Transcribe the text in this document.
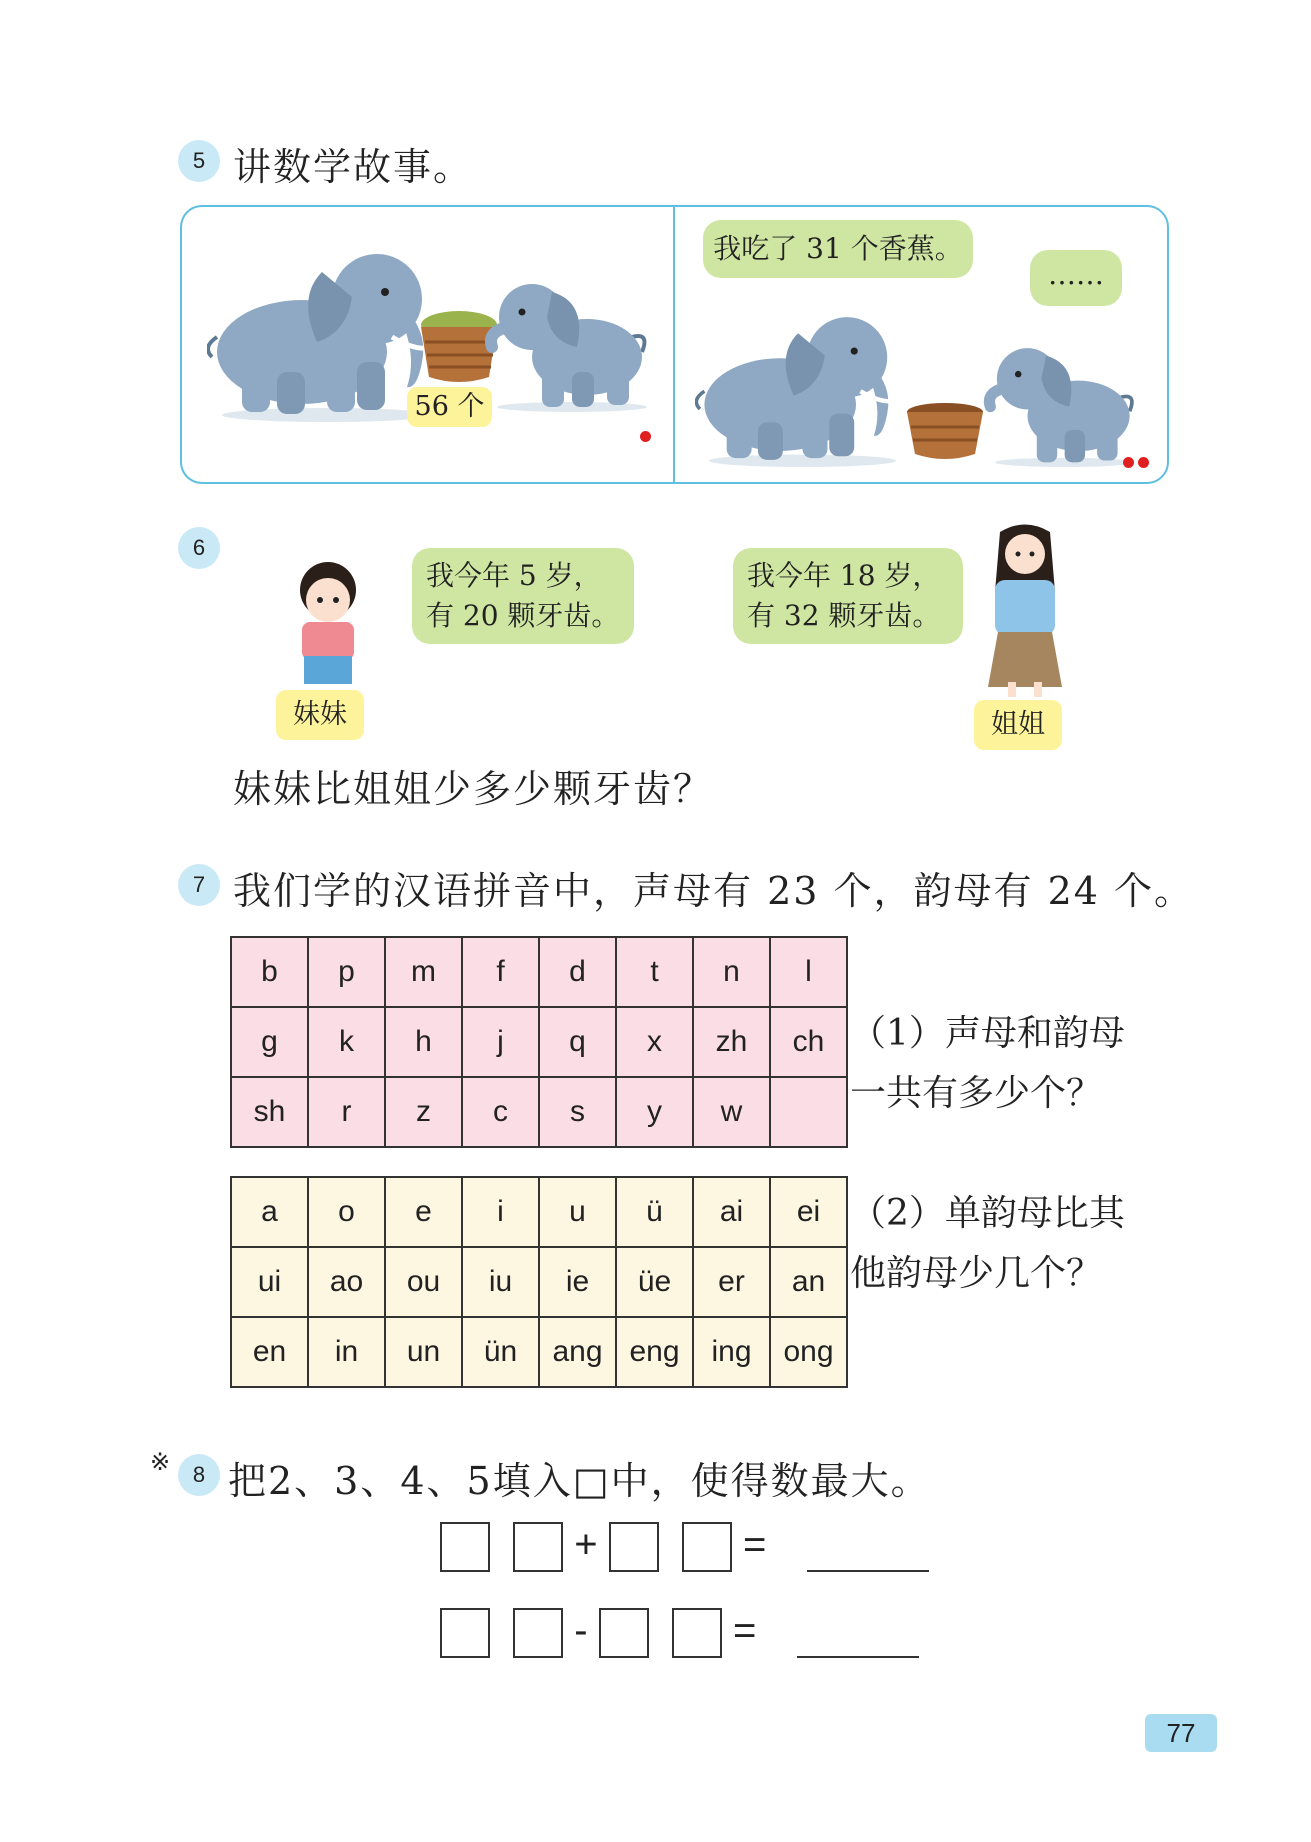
5 讲数学故事。
56 个
我吃了 31 个香蕉。
……
6
我今年 5 岁，
有 20 颗牙齿。
我今年 18 岁，
有 32 颗牙齿。
妹妹	姐姐
妹妹比姐姐少多少颗牙齿？
7 我们学的汉语拼音中，声母有 23 个，韵母有 24 个。
b	p	m	f	d	t	n	l
g	k	h	j	q	x	zh	ch
sh	r	z	c	s	y	w	
（1）声母和韵母
一共有多少个？
a	o	e	i	u	ü	ai	ei
ui	ao	ou	iu	ie	üe	er	an
en	in	un	ün	ang	eng	ing	ong
（2）单韵母比其
他韵母少几个？
※	8 把2、3、4、5填入□中，使得数最大。
+	=
-	=
77
